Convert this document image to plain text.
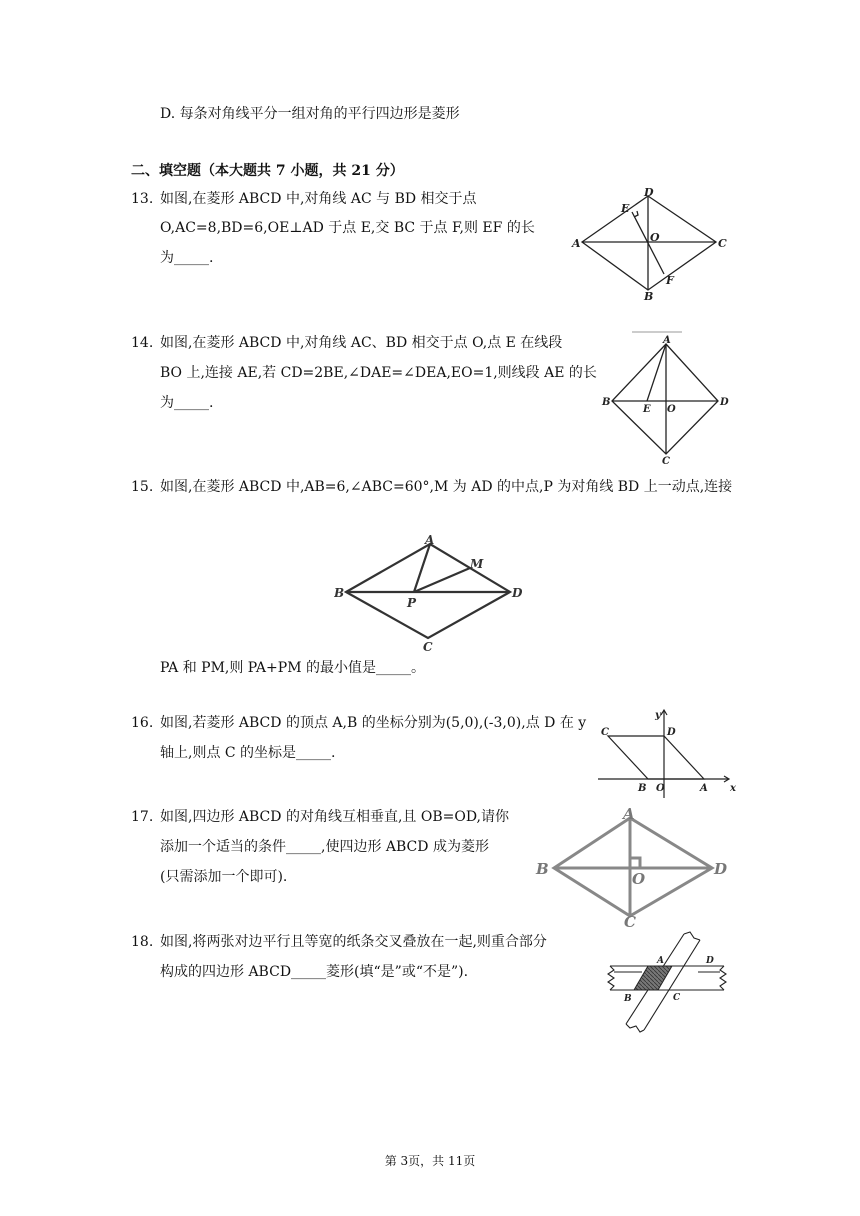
D. 每条对角线平分一组对角的平行四边形是菱形
二、填空题（本大题共 7 小题，共 21 分）
13. 如图,在菱形 ABCD 中,对角线 AC 与 BD 相交于点
O,AC=8,BD=6,OE⊥AD 于点 E,交 BC 于点 F,则 EF 的长
为_____.
A
B
C
D
E
F
O
14. 如图,在菱形 ABCD 中,对角线 AC、BD 相交于点 O,点 E 在线段
BO 上,连接 AE,若 CD=2BE,∠DAE=∠DEA,EO=1,则线段 AE 的长
为_____.
A
B
C
D
E O
15. 如图,在菱形 ABCD 中,AB=6,∠ABC=60°,M 为 AD 的中点,P 为对角线 BD 上一动点,连接
A
B
C
D
M
P
PA 和 PM,则 PA+PM 的最小值是_____。
16. 如图,若菱形 ABCD 的顶点 A,B 的坐标分别为(5,0),(-3,0),点 D 在 y
轴上,则点 C 的坐标是_____.
C	D
B O	A x
y
17. 如图,四边形 ABCD 的对角线互相垂直,且 OB=OD,请你
添加一个适当的条件_____,使四边形 ABCD 成为菱形
(只需添加一个即可).
A
B
C
D
O
18. 如图,将两张对边平行且等宽的纸条交叉叠放在一起,则重合部分
构成的四边形 ABCD_____菱形(填“是”或“不是”).
A
B	C
D
第 3页，共 11页
